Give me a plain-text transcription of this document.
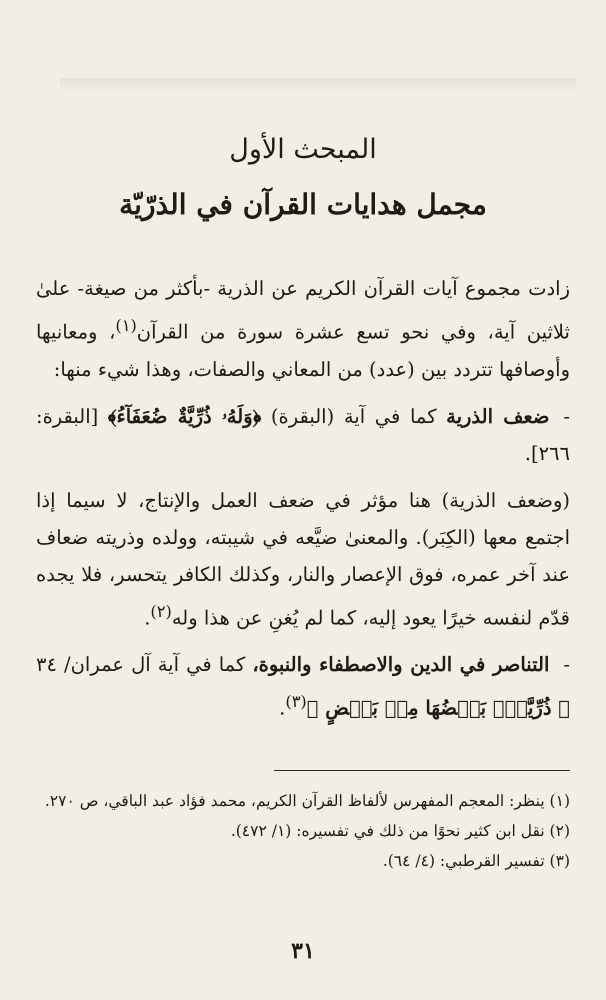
المبحث الأول
مجمل هدايات القرآن في الذرّيّة

زادت مجموع آيات القرآن الكريم عن الذرية -بأكثر من صيغة- علىٰ ثلاثين آية، وفي نحو تسع عشرة سورة من القرآن$^{(١)}$، ومعانيها وأوصافها تتردد بين (عدد) من المعاني والصفات، وهذا شيء منها:

-ضعف الذرية كما في آية (البقرة) ﴿وَلَهُۥ ذُرِّيَّةٌ ضُعَفَآءُ﴾ [البقرة: ٢٦٦].

(وضعف الذرية) هنا مؤثر في ضعف العمل والإنتاج، لا سيما إذا اجتمع معها (الكِبَر). والمعنىٰ ضيَّعه في شيبته، وولده وذريته ضعاف عند آخر عمره، فوق الإعصار والنار، وكذلك الكافر يتحسر، فلا يجده قدّم لنفسه خيرًا يعود إليه، كما لم يُغنِ عن هذا وله$^{(٢)}$.

-التناصر في الدين والاصطفاء والنبوة، كما في آية آل عمران/ ٣٤ ﴿ ذُرِّيَّةَۢ بَعۡضُهَا مِنۢ بَعۡضٍ ﴾$^{(٣)}$.

(١) ينظر: المعجم المفهرس لألفاظ القرآن الكريم، محمد فؤاد عبد الباقي، ص ٢٧٠.

(٢) نقل ابن كثير نحوًا من ذلك في تفسيره: (١/ ٤٧٢).

(٣) تفسير القرطبي: (٤/ ٦٤).

٣١
